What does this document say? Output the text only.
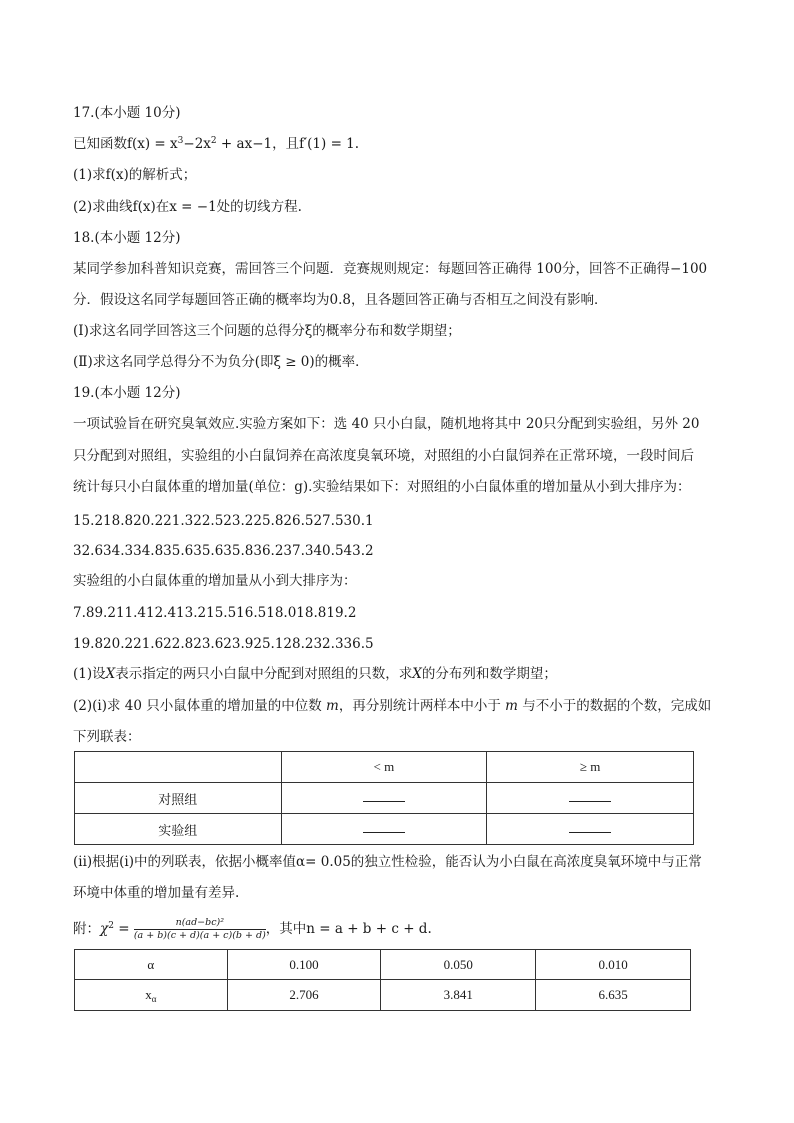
17.(本小题 10分)
已知函数$f(x) = x^3-2x^2 + ax-1$，且f′(1) = 1.
(1)求f(x)的解析式；
(2)求曲线f(x)在x = −1处的切线方程.
18.(本小题 12分)
某同学参加科普知识竞赛，需回答三个问题．竞赛规则规定：每题回答正确得 100分，回答不正确得−100
分．假设这名同学每题回答正确的概率均为0.8，且各题回答正确与否相互之间没有影响．
(Ⅰ)求这名同学回答这三个问题的总得分ξ的概率分布和数学期望；
(Ⅱ)求这名同学总得分不为负分(即ξ ≥ 0)的概率．
19.(本小题 12分)
一项试验旨在研究臭氧效应.实验方案如下：选 40 只小白鼠，随机地将其中 20只分配到实验组，另外 20
只分配到对照组，实验组的小白鼠饲养在高浓度臭氧环境，对照组的小白鼠饲养在正常环境，一段时间后
统计每只小白鼠体重的增加量(单位：g).实验结果如下：对照组的小白鼠体重的增加量从小到大排序为：
15.218.820.221.322.523.225.826.527.530.1
32.634.334.835.635.635.836.237.340.543.2
实验组的小白鼠体重的增加量从小到大排序为：
7.89.211.412.413.215.516.518.018.819.2
19.820.221.622.823.623.925.128.232.336.5
(1)设X表示指定的两只小白鼠中分配到对照组的只数，求X的分布列和数学期望；
(2)(i)求 40 只小鼠体重的增加量的中位数 m，再分别统计两样本中小于 m 与不小于的数据的个数，完成如
下列联表：
	< m	≥ m
对照组		
实验组		
(ii)根据(i)中的列联表，依据小概率值α= 0.05的独立性检验，能否认为小白鼠在高浓度臭氧环境中与正常
环境中体重的增加量有差异.
附：$\chi^2 = \frac{\text{n(ad−bc)²}}{(a + b)(c + d)(a + c)(b + d)}$ ，其中n = a + b + c + d.
α	0.100	0.050	0.010
$x_\alpha$	2.706	3.841	6.635
